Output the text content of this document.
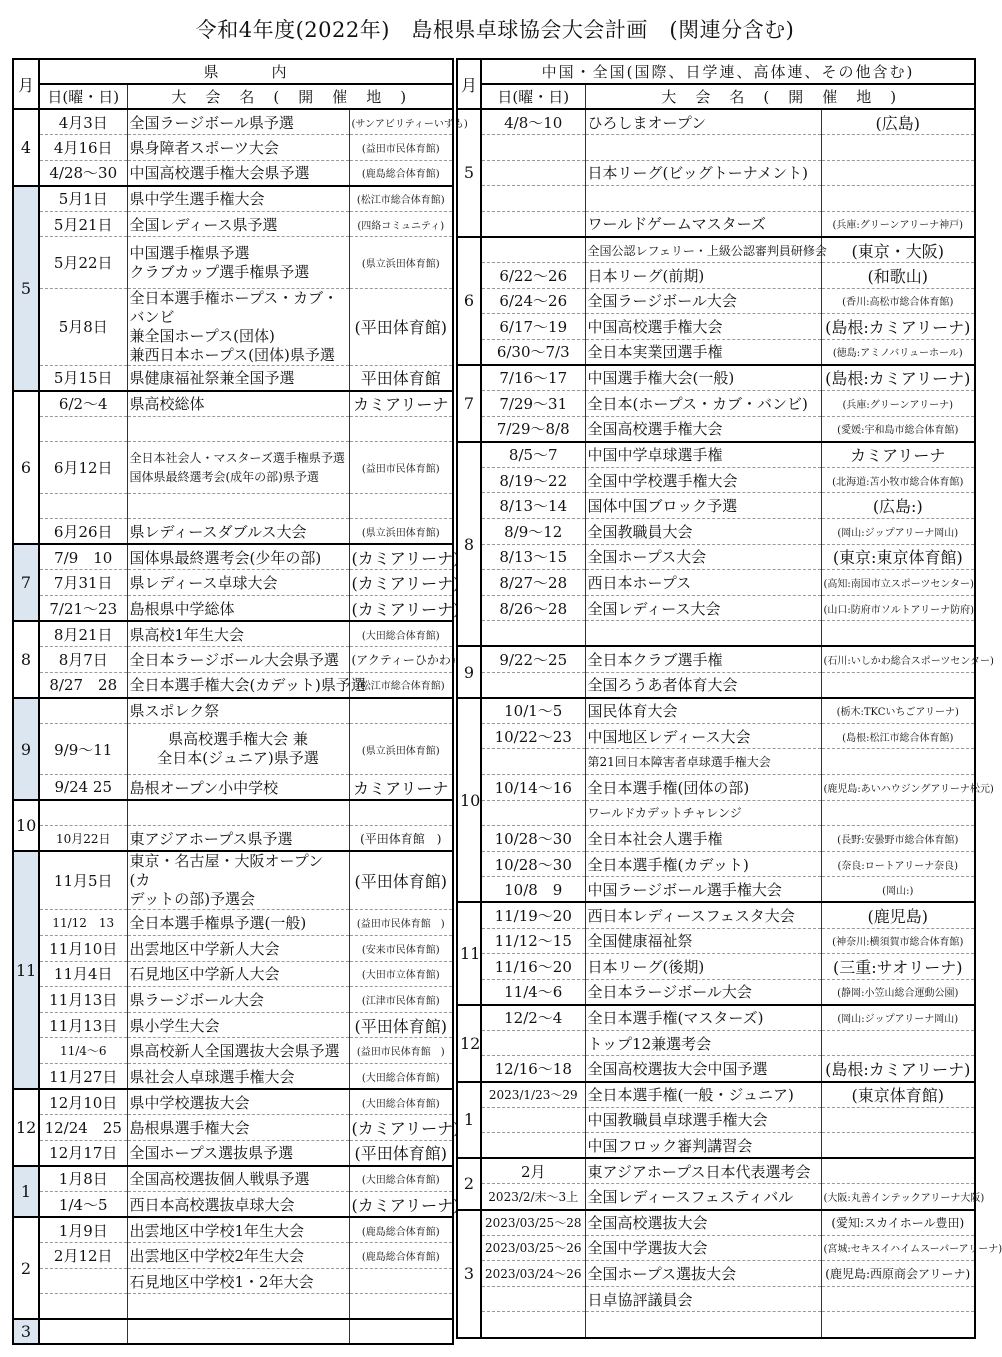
令和4年度(2022年)　島根県卓球協会大会計画　(関連分含む)
月	県　　　内		
	日(曜・日)	大　会　名　(　開　催　地　)	
4	4月3日	全国ラージボール県予選	(サンアビリティーいずも)
	4月16日	県身障者スポーツ大会	(益田市民体育館)
	4/28〜30	中国高校選手権大会県予選	(鹿島総合体育館)
5	5月1日	県中学生選手権大会	(松江市総合体育館)
	5月21日	全国レディース県予選	(四絡コミュニティ)
	5月22日	中国選手権県予選
クラブカップ選手権県予選	(県立浜田体育館)
	5月8日	全日本選手権ホープス・カブ・バンビ
兼全国ホープス(団体)
兼西日本ホープス(団体)県予選	(平田体育館)
	5月15日	県健康福祉祭兼全国予選	平田体育館
6	6/2〜4	県高校総体	カミアリーナ

	6月12日	全日本社会人・マスターズ選手権県予選
国体県最終選考会(成年の部)県予選	(益田市民体育館)

	6月26日	県レディースダブルス大会	(県立浜田体育館)
7	7/9　10	国体県最終選考会(少年の部)	(カミアリーナ)
	7月31日	県レディース卓球大会	(カミアリーナ)
	7/21〜23	島根県中学総体	(カミアリーナ)
8	8月21日	県高校1年生大会	(大田総合体育館)
	8月7日	全日本ラージボール大会県予選	(アクティーひかわ)
	8/27　28	全日本選手権大会(カデット)県予選	(松江市総合体育館)
9		県スポレク祭	
	9/9〜11	県高校選手権大会 兼
全日本(ジュニア)県予選	(県立浜田体育館)
	9/24 25	島根オープン小中学校	カミアリーナ
10			
	10月22日	東アジアホープス県予選	(平田体育館　)
11	11月5日	東京・名古屋・大阪オープン (カ
デットの部)予選会	(平田体育館)
	11/12　13	全日本選手権県予選(一般)	(益田市民体育館　)
	11月10日	出雲地区中学新人大会	(安来市民体育館)
	11月4日	石見地区中学新人大会	(大田市立体育館)
	11月13日	県ラージボール大会	(江津市民体育館)
	11月13日	県小学生大会	(平田体育館)
	11/4〜6	県高校新人全国選抜大会県予選	(益田市民体育館　)
	11月27日	県社会人卓球選手権大会	(大田総合体育館)
12	12月10日	県中学校選抜大会	(大田総合体育館)
	12/24　25	島根県選手権大会	(カミアリーナ)
	12月17日	全国ホープス選抜県予選	(平田体育館)
1	1月8日	全国高校選抜個人戦県予選	(大田総合体育館)
	1/4〜5	西日本高校選抜卓球大会	(カミアリーナ)
2	1月9日	出雲地区中学校1年生大会	(鹿島総合体育館)
	2月12日	出雲地区中学校2年生大会	(鹿島総合体育館)
		石見地区中学校1・2年大会	

3			
月	中国・全国(国際、日学連、高体連、その他含む)		
	日(曜・日)	大　会　名　(　開　催　地　)	
5	4/8〜10	ひろしまオープン	(広島)

		日本リーグ(ビッグトーナメント)	

		ワールドゲームマスターズ	(兵庫:グリーンアリーナ神戸)
6		全国公認レフェリー・上級公認審判員研修会	(東京・大阪)
	6/22〜26	日本リーグ(前期)	(和歌山)
	6/24〜26	全国ラージボール大会	(香川:高松市総合体育館)
	6/17〜19	中国高校選手権大会	(島根:カミアリーナ)
	6/30〜7/3	全日本実業団選手権	(徳島:アミノバリューホール)
7	7/16〜17	中国選手権大会(一般)	(島根:カミアリーナ)
	7/29〜31	全日本(ホープス・カブ・バンビ)	(兵庫:グリーンアリーナ)
	7/29〜8/8	全国高校選手権大会	(愛媛:宇和島市総合体育館)
8	8/5〜7	中国中学卓球選手権	カミアリーナ
	8/19〜22	全国中学校選手権大会	(北海道:苫小牧市総合体育館)
	8/13〜14	国体中国ブロック予選	(広島:)
	8/9〜12	全国教職員大会	(岡山:ジップアリーナ岡山)
	8/13〜15	全国ホープス大会	(東京:東京体育館)
	8/27〜28	西日本ホープス	(高知:南国市立スポーツセンター)
	8/26〜28	全国レディース大会	(山口:防府市ソルトアリーナ防府)

9	9/22〜25	全日本クラブ選手権	(石川:いしかわ総合スポーツセンター)
		全国ろうあ者体育大会	
10	10/1〜5	国民体育大会	(栃木:TKCいちごアリーナ)
	10/22〜23	中国地区レディース大会	(島根:松江市総合体育館)
		第21回日本障害者卓球選手権大会	
	10/14〜16	全日本選手権(団体の部)	(鹿児島:あいハウジングアリーナ松元)
		ワールドカデットチャレンジ	
	10/28〜30	全日本社会人選手権	(長野:安曇野市総合体育館)
	10/28〜30	全日本選手権(カデット)	(奈良:ロートアリーナ奈良)
	10/8　9	中国ラージボール選手権大会	(岡山:)
11	11/19〜20	西日本レディースフェスタ大会	(鹿児島)
	11/12〜15	全国健康福祉祭	(神奈川:横須賀市総合体育館)
	11/16〜20	日本リーグ(後期)	(三重:サオリーナ)
	11/4〜6	全日本ラージボール大会	(静岡:小笠山総合運動公園)
12	12/2〜4	全日本選手権(マスターズ)	(岡山:ジップアリーナ岡山)
		トップ12兼選考会	
	12/16〜18	全国高校選抜大会中国予選	(島根:カミアリーナ)
1	2023/1/23〜29	全日本選手権(一般・ジュニア)	(東京体育館)
		中国教職員卓球選手権大会	
		中国フロック審判講習会	
2	2月	東アジアホープス日本代表選考会	
	2023/2/末〜3上	全国レディースフェスティバル	(大阪:丸善インテックアリーナ大阪)
3	2023/03/25〜28	全国高校選抜大会	(愛知:スカイホール豊田)
	2023/03/25〜26	全国中学選抜大会	(宮城:セキスイハイムスーパーアリーナ)
	2023/03/24〜26	全国ホープス選抜大会	(鹿児島:西原商会アリーナ)
		日卓協評議員会	
